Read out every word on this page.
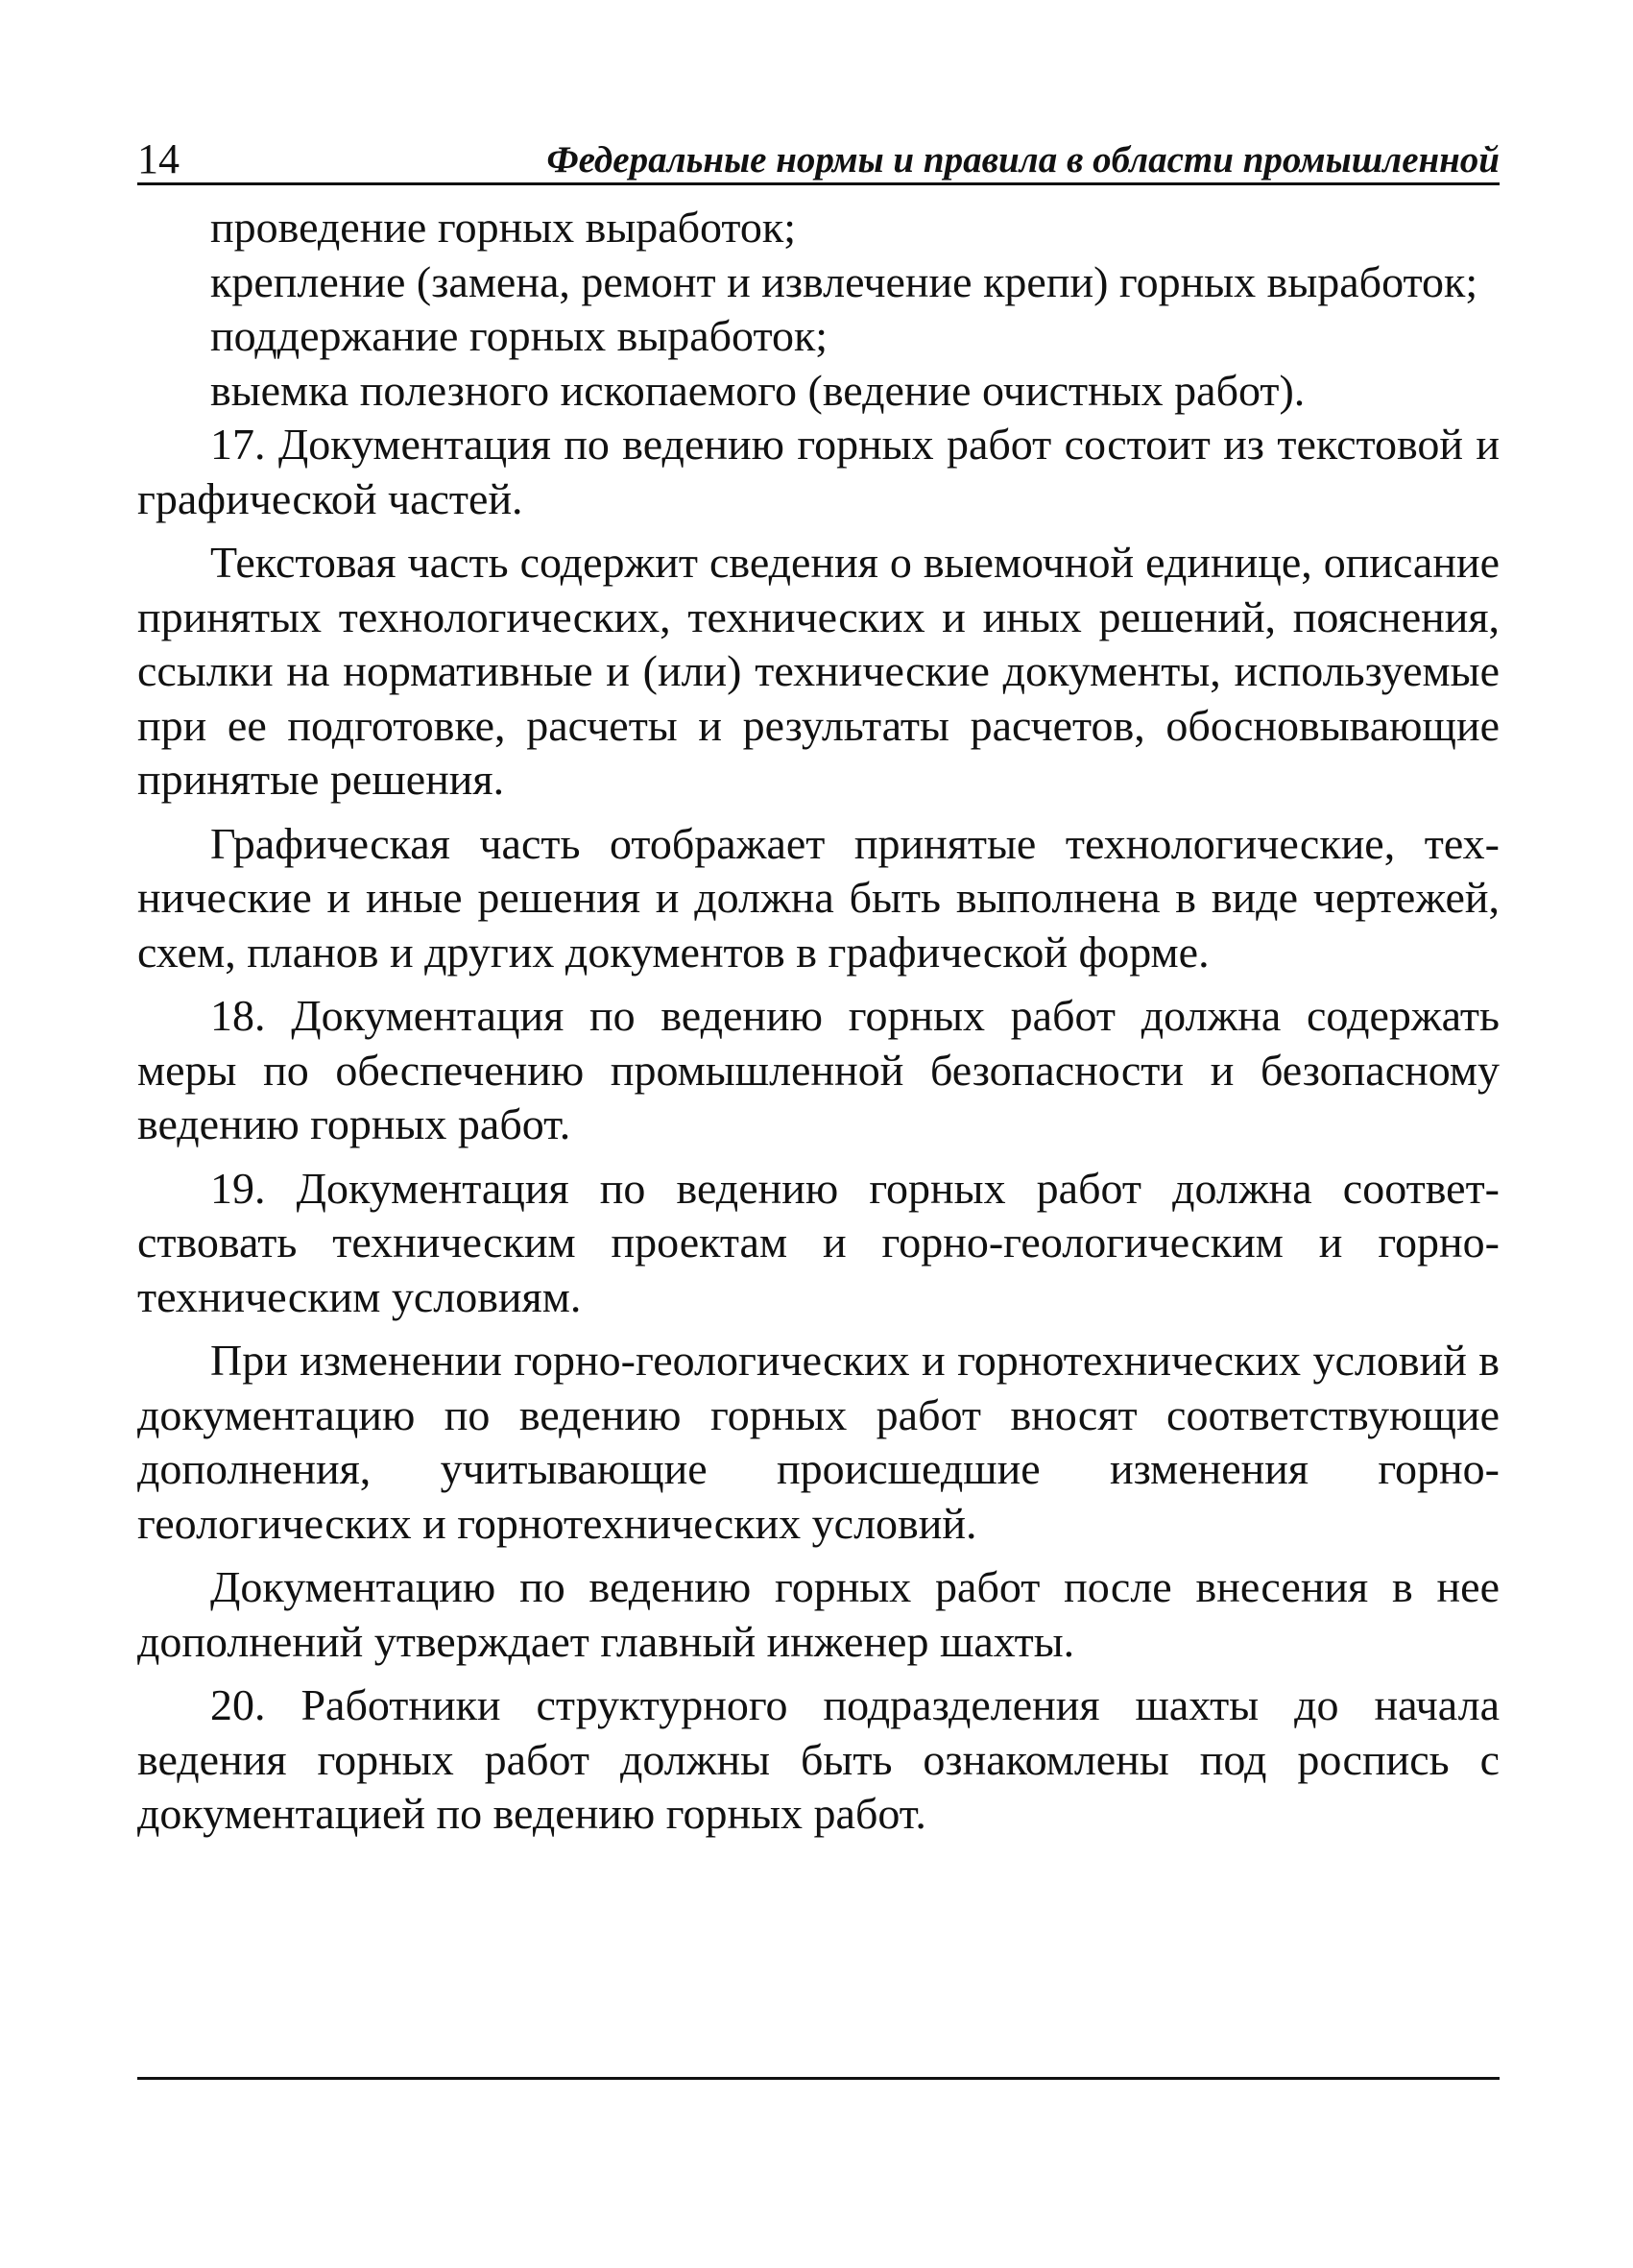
14	Федеральные нормы и правила в области промышленной

проведение горных выработок;

крепление (замена, ремонт и извлечение крепи) горных выработок;

поддержание горных выработок;

выемка полезного ископаемого (ведение очистных работ).

17. Документация по ведению горных работ состоит из текстовой и графической частей.

Текстовая часть содержит сведения о выемочной единице, описание принятых технологических, технических и иных решений, пояснения, ссылки на нормативные и (или) технические документы, используемые при ее подготовке, расчеты и результаты расчетов, обосновывающие принятые решения.

Графическая часть отображает принятые технологические, технические и иные решения и должна быть выполнена в виде чертежей, схем, планов и других документов в графической форме.

18. Документация по ведению горных работ должна содержать меры по обеспечению промышленной безопасности и безопасному ведению горных работ.

19. Документация по ведению горных работ должна соответствовать техническим проектам и горно-геологическим и горнотехническим условиям.

При изменении горно-геологических и горнотехнических условий в документацию по ведению горных работ вносят соответствующие дополнения, учитывающие происшедшие изменения горно-геологических и горнотехнических условий.

Документацию по ведению горных работ после внесения в нее дополнений утверждает главный инженер шахты.

20. Работники структурного подразделения шахты до начала ведения горных работ должны быть ознакомлены под роспись с документацией по ведению горных работ.
